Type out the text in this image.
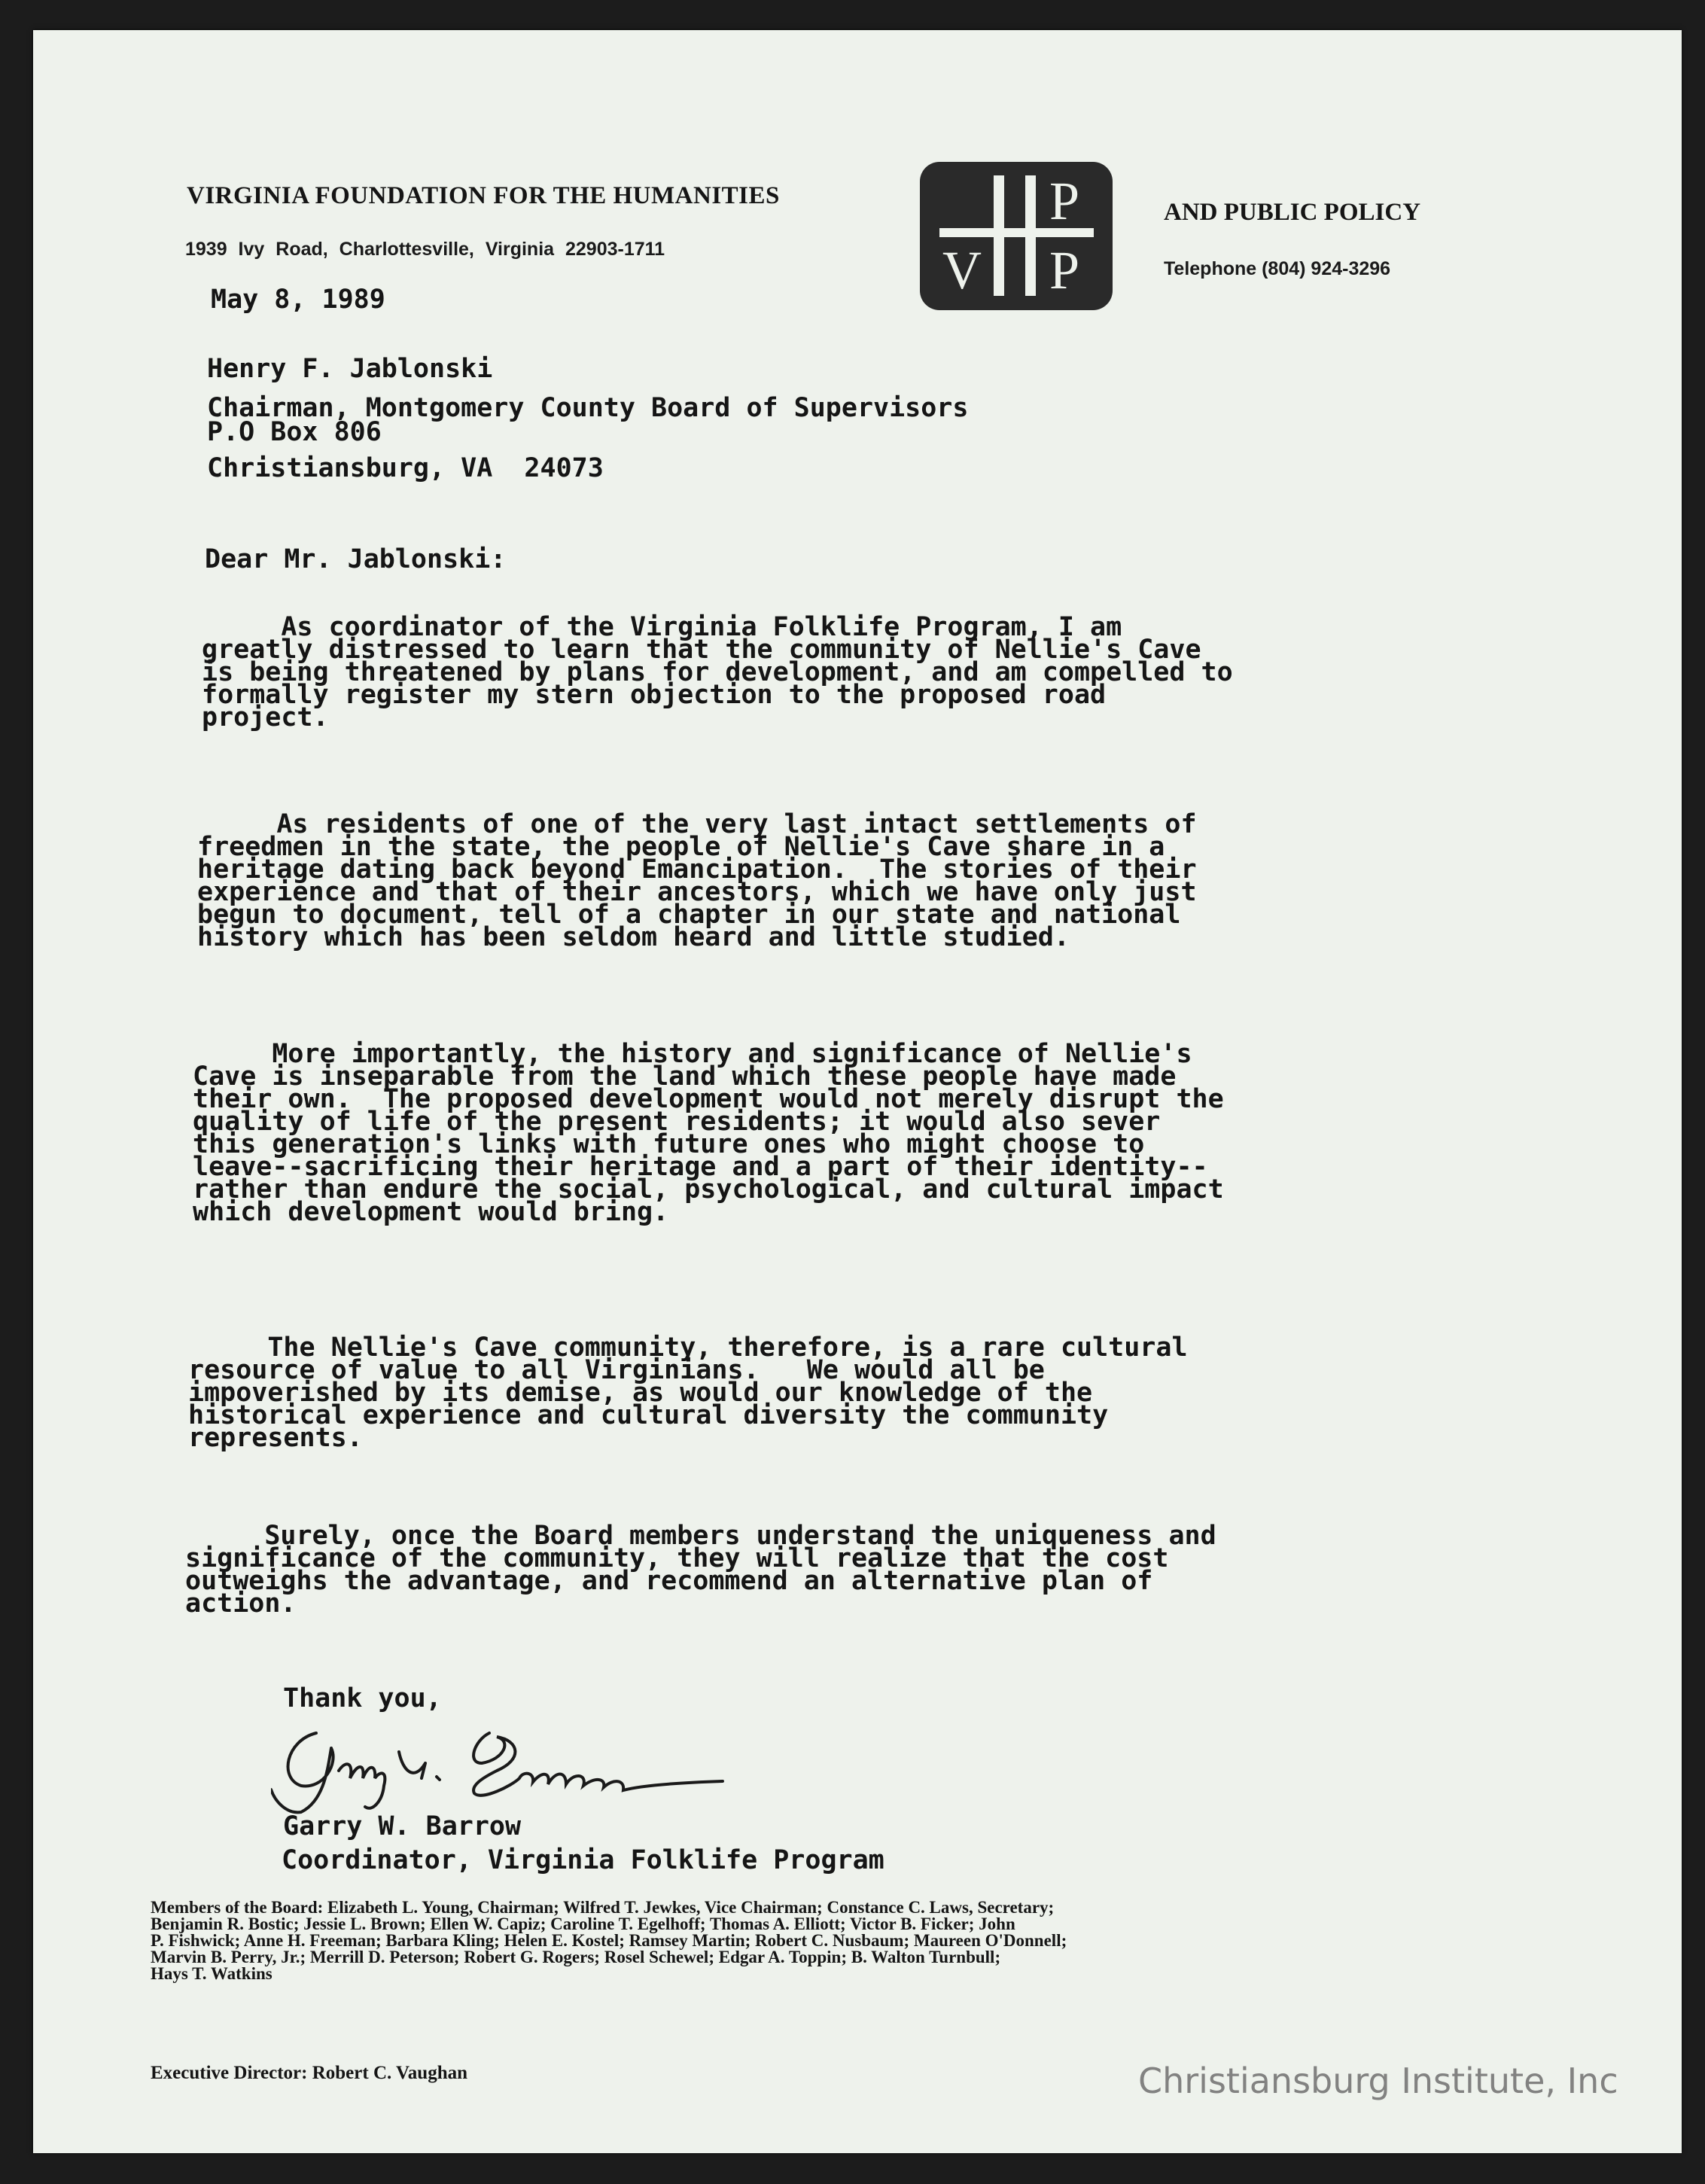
VIRGINIA FOUNDATION FOR THE HUMANITIES
1939 Ivy Road, Charlottesville, Virginia 22903-1711
AND PUBLIC POLICY
Telephone (804) 924-3296
V
P
P
May 8, 1989
Henry F. Jablonski
Chairman, Montgomery County Board of Supervisors
P.O Box 806
Christiansburg, VA  24073
Dear Mr. Jablonski:
As coordinator of the Virginia Folklife Program, I am
greatly distressed to learn that the community of Nellie's Cave
is being threatened by plans for development, and am compelled to
formally register my stern objection to the proposed road
project.
As residents of one of the very last intact settlements of
freedmen in the state, the people of Nellie's Cave share in a
heritage dating back beyond Emancipation.  The stories of their
experience and that of their ancestors, which we have only just
begun to document, tell of a chapter in our state and national
history which has been seldom heard and little studied.
More importantly, the history and significance of Nellie's
Cave is inseparable from the land which these people have made
their own.  The proposed development would not merely disrupt the
quality of life of the present residents; it would also sever
this generation's links with future ones who might choose to
leave--sacrificing their heritage and a part of their identity--
rather than endure the social, psychological, and cultural impact
which development would bring.
The Nellie's Cave community, therefore, is a rare cultural
resource of value to all Virginians.   We would all be
impoverished by its demise, as would our knowledge of the
historical experience and cultural diversity the community
represents.
Surely, once the Board members understand the uniqueness and
significance of the community, they will realize that the cost
outweighs the advantage, and recommend an alternative plan of
action.
Thank you,
Garry W. Barrow
Coordinator, Virginia Folklife Program
Members of the Board: Elizabeth L. Young, Chairman; Wilfred T. Jewkes, Vice Chairman; Constance C. Laws, Secretary;
Benjamin R. Bostic; Jessie L. Brown; Ellen W. Capiz; Caroline T. Egelhoff; Thomas A. Elliott; Victor B. Ficker; John
P. Fishwick; Anne H. Freeman; Barbara Kling; Helen E. Kostel; Ramsey Martin; Robert C. Nusbaum; Maureen O'Donnell;
Marvin B. Perry, Jr.; Merrill D. Peterson; Robert G. Rogers; Rosel Schewel; Edgar A. Toppin; B. Walton Turnbull;
Hays T. Watkins
Executive Director: Robert C. Vaughan	Christiansburg Institute, Inc
